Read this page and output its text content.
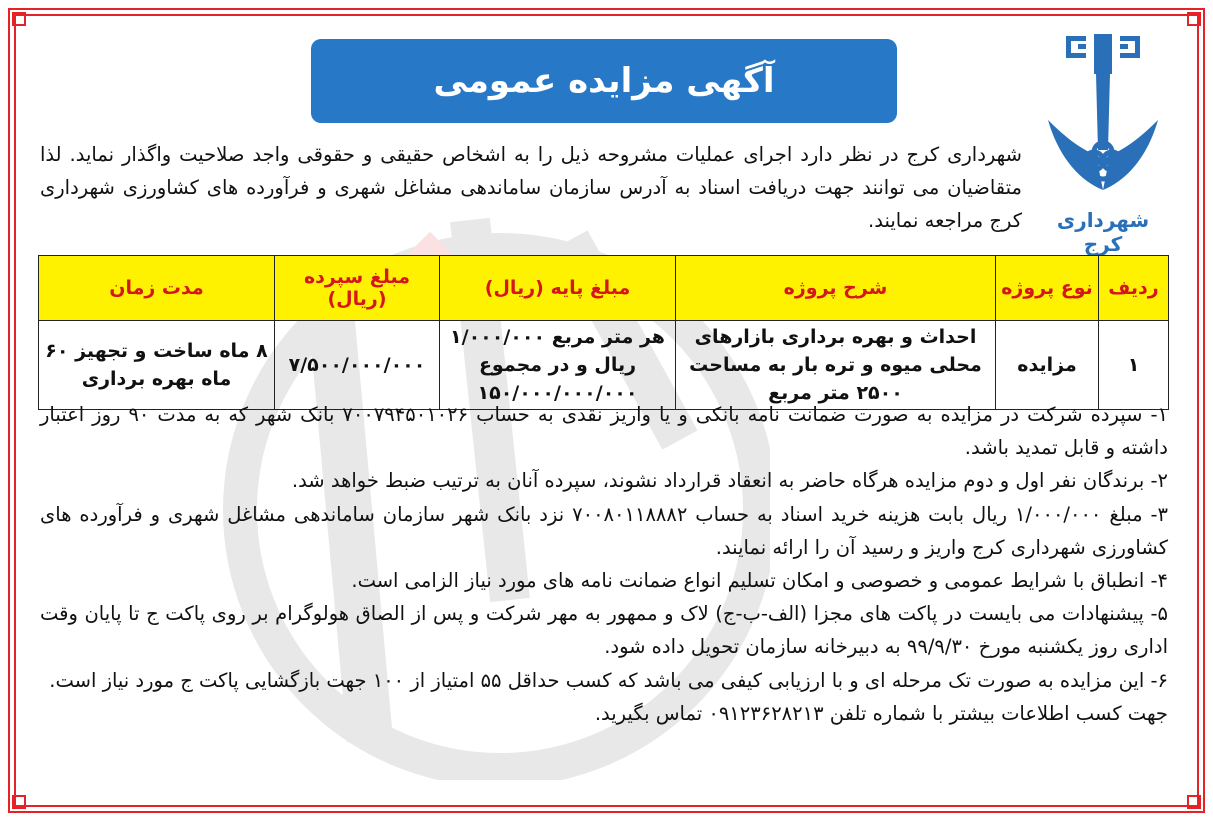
آگهی مزایده عمومی
شهرداری کرج
شهرداری کرج در نظر دارد اجرای عملیات مشروحه ذیل را به اشخاص حقیقی و حقوقی واجد صلاحیت واگذار نماید. لذا متقاضیان می توانند جهت دریافت اسناد به آدرس سازمان ساماندهی مشاغل شهری و فرآورده های کشاورزی شهرداری کرج مراجعه نمایند.
ردیف	نوع پروژه	شرح پروژه	مبلغ پایه (ریال)	مبلغ سپرده (ریال)	مدت زمان
۱	مزایده	احداث و بهره برداری بازارهای محلی میوه و تره بار به مساحت ۲۵۰۰ متر مربع	هر متر مربع ۱/۰۰۰/۰۰۰ ریال و در مجموع ۱۵۰/۰۰۰/۰۰۰/۰۰۰	۷/۵۰۰/۰۰۰/۰۰۰	۸ ماه ساخت و تجهیز ۶۰ ماه بهره برداری

۱- سپرده شرکت در مزایده به صورت ضمانت نامه بانکی و یا واریز نقدی به حساب ۷۰۰۷۹۴۵۰۱۰۲۶ بانک شهر که به مدت ۹۰ روز اعتبار داشته و قابل تمدید باشد.

۲- برندگان نفر اول و دوم مزایده هرگاه حاضر به انعقاد قرارداد نشوند، سپرده آنان به ترتیب ضبط خواهد شد.

۳- مبلغ ۱/۰۰۰/۰۰۰ ریال بابت هزینه خرید اسناد به حساب ۷۰۰۸۰۱۱۸۸۸۲ نزد بانک شهر سازمان ساماندهی مشاغل شهری و فرآورده های کشاورزی شهرداری کرج واریز و رسید آن را ارائه نمایند.

۴- انطباق با شرایط عمومی و خصوصی و امکان تسلیم انواع ضمانت نامه های مورد نیاز الزامی است.

۵- پیشنهادات می بایست در پاکت های مجزا (الف-ب-ج) لاک و ممهور به مهر شرکت و پس از الصاق هولوگرام بر روی پاکت ج تا پایان وقت اداری روز یکشنبه مورخ ۹۹/۹/۳۰ به دبیرخانه سازمان تحویل داده شود.

۶- این مزایده به صورت تک مرحله ای و با ارزیابی کیفی می باشد که کسب حداقل ۵۵ امتیاز از ۱۰۰ جهت بازگشایی پاکت ج مورد نیاز است.

جهت کسب اطلاعات بیشتر با شماره تلفن ۰۹۱۲۳۶۲۸۲۱۳ تماس بگیرید.
